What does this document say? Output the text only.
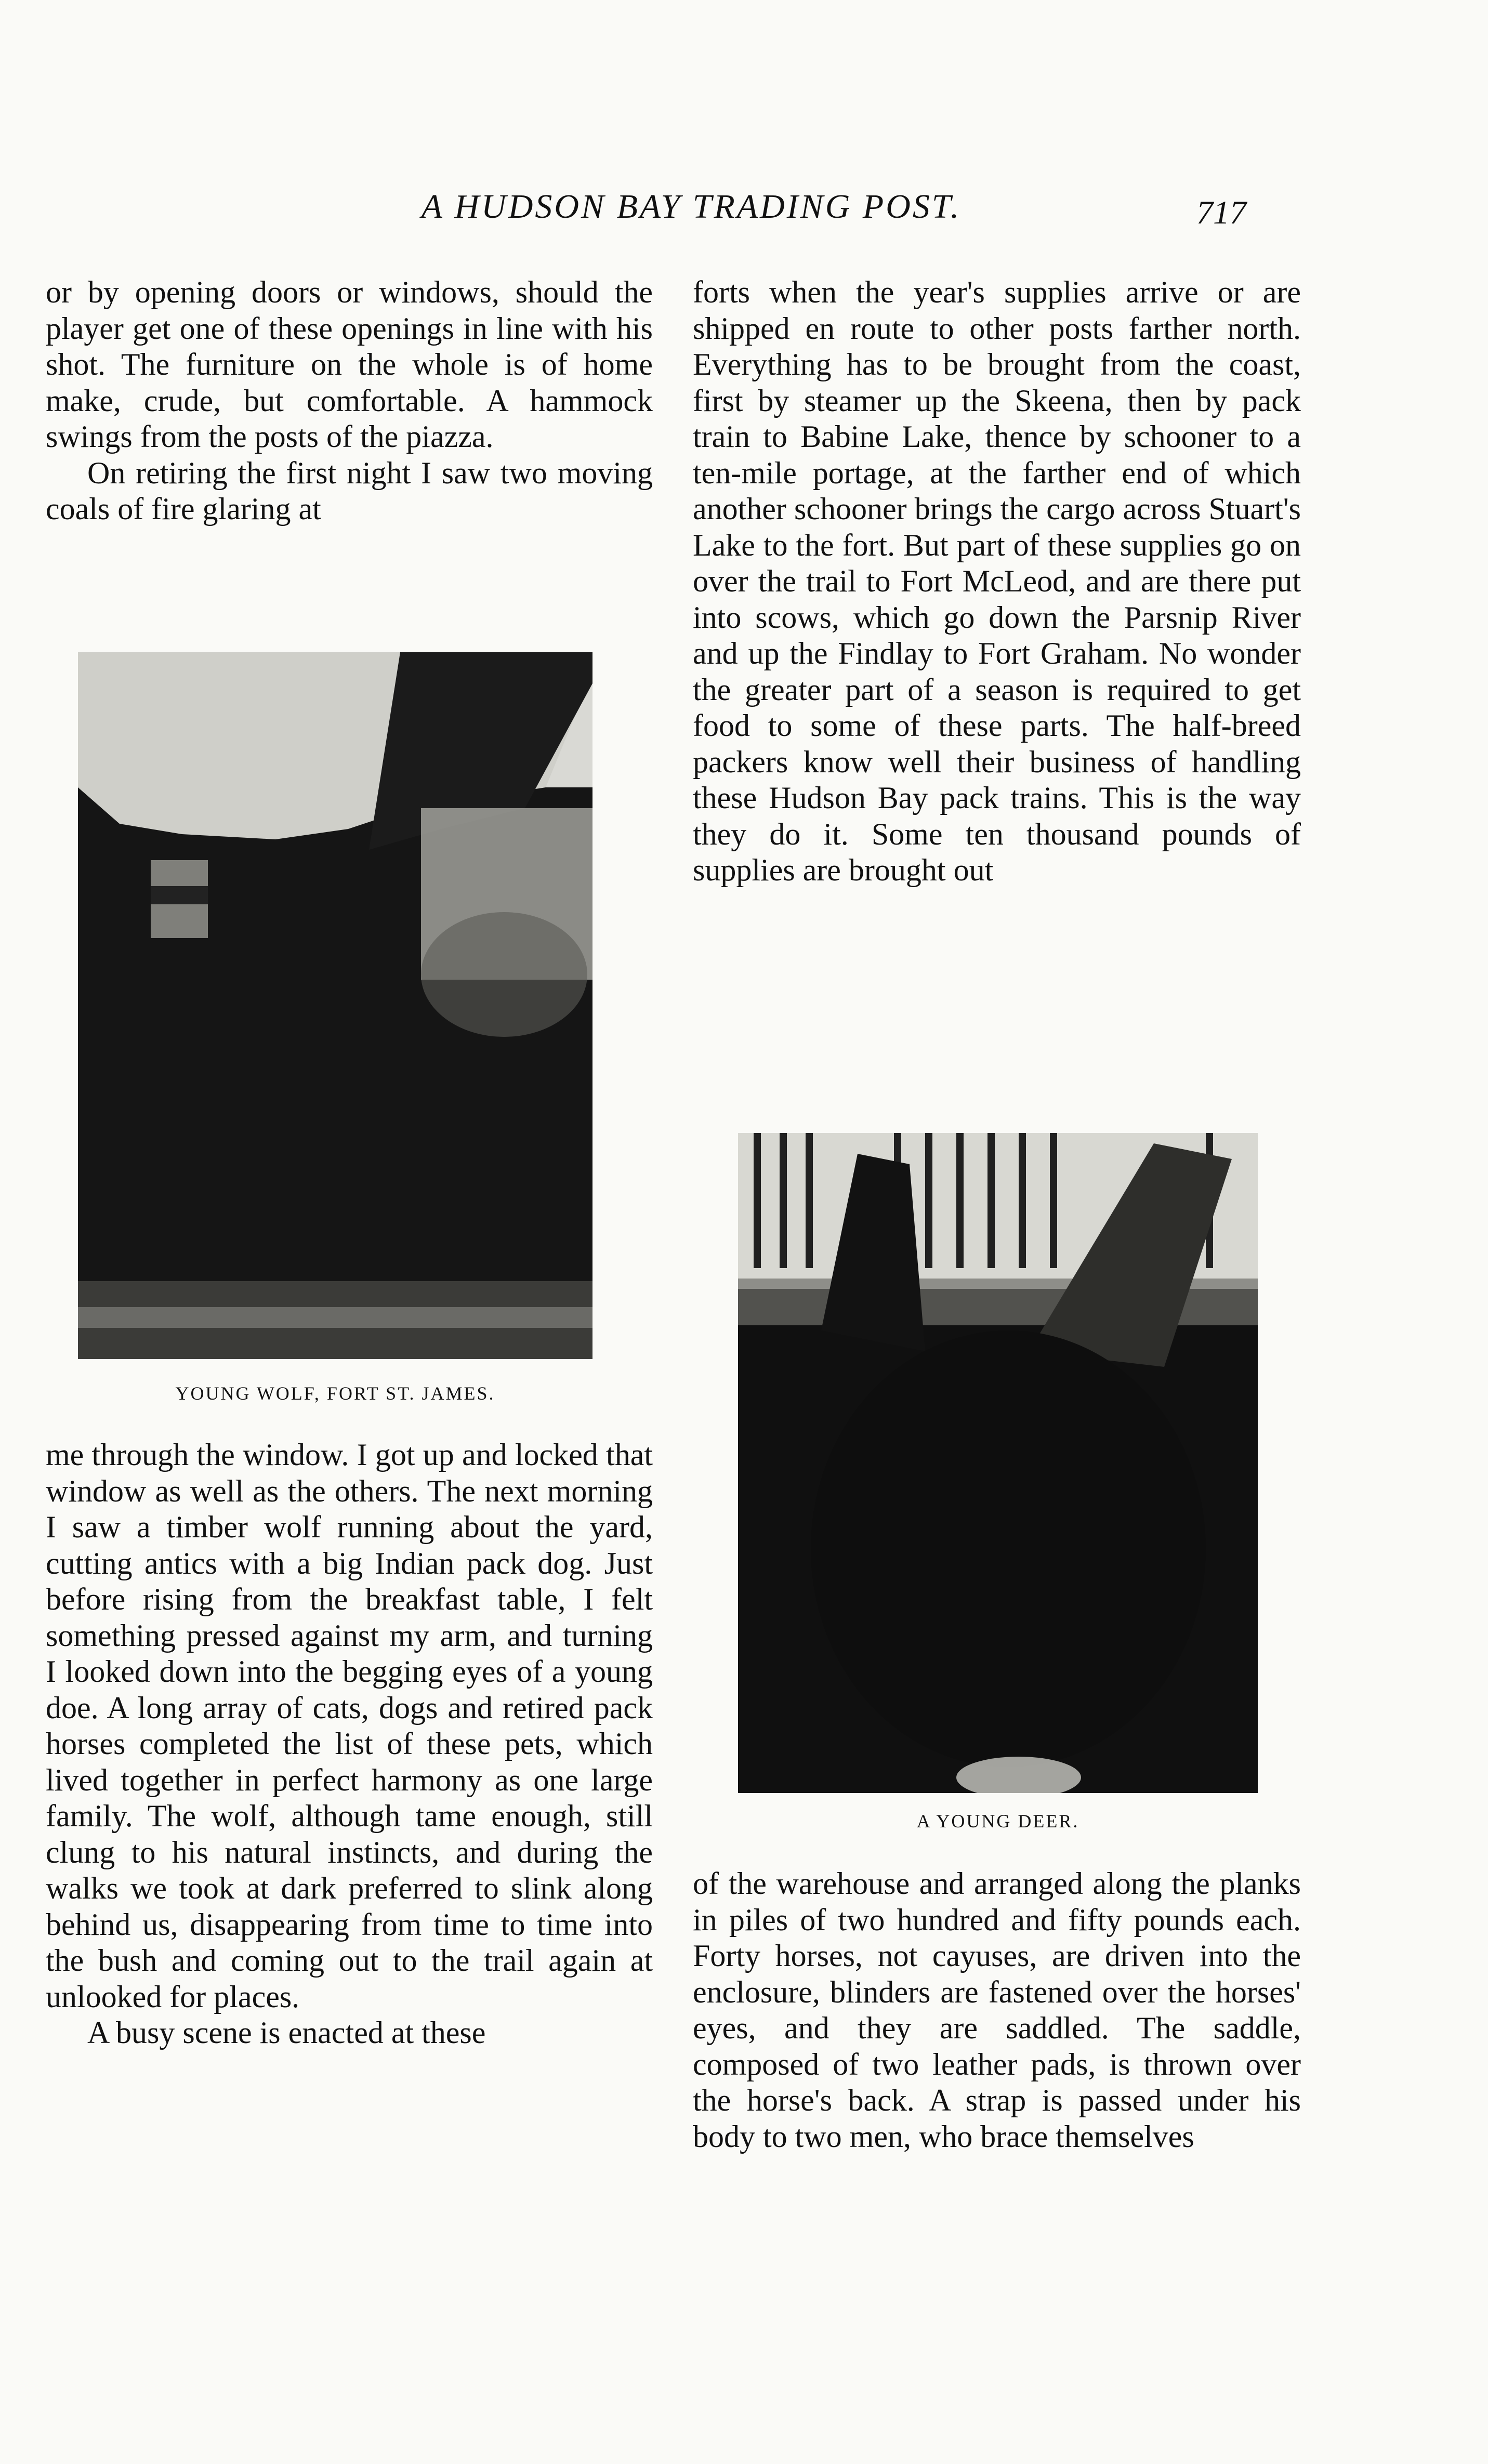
A HUDSON BAY TRADING POST.	717

or by opening doors or windows, should the player get one of these openings in line with his shot. The furniture on the whole is of home make, crude, but comfortable. A hammock swings from the posts of the piazza.

On retiring the first night I saw two moving coals of fire glaring at

YOUNG WOLF, FORT ST. JAMES.

me through the window. I got up and locked that window as well as the others. The next morning I saw a timber wolf running about the yard, cutting antics with a big Indian pack dog. Just before rising from the breakfast table, I felt something pressed against my arm, and turning I looked down into the begging eyes of a young doe. A long array of cats, dogs and retired pack horses completed the list of these pets, which lived together in perfect harmony as one large family. The wolf, although tame enough, still clung to his natural instincts, and during the walks we took at dark preferred to slink along behind us, disappearing from time to time into the bush and coming out to the trail again at unlooked for places.

A busy scene is enacted at these

forts when the year's supplies arrive or are shipped en route to other posts farther north. Everything has to be brought from the coast, first by steamer up the Skeena, then by pack train to Babine Lake, thence by schooner to a ten-mile portage, at the farther end of which another schooner brings the cargo across Stuart's Lake to the fort. But part of these supplies go on over the trail to Fort McLeod, and are there put into scows, which go down the Parsnip River and up the Findlay to Fort Graham. No wonder the greater part of a season is required to get food to some of these parts. The half-breed packers know well their business of handling these Hudson Bay pack trains. This is the way they do it. Some ten thousand pounds of supplies are brought out

A YOUNG DEER.

of the warehouse and arranged along the planks in piles of two hundred and fifty pounds each. Forty horses, not cayuses, are driven into the enclosure, blinders are fastened over the horses' eyes, and they are saddled. The saddle, composed of two leather pads, is thrown over the horse's back. A strap is passed under his body to two men, who brace themselves
